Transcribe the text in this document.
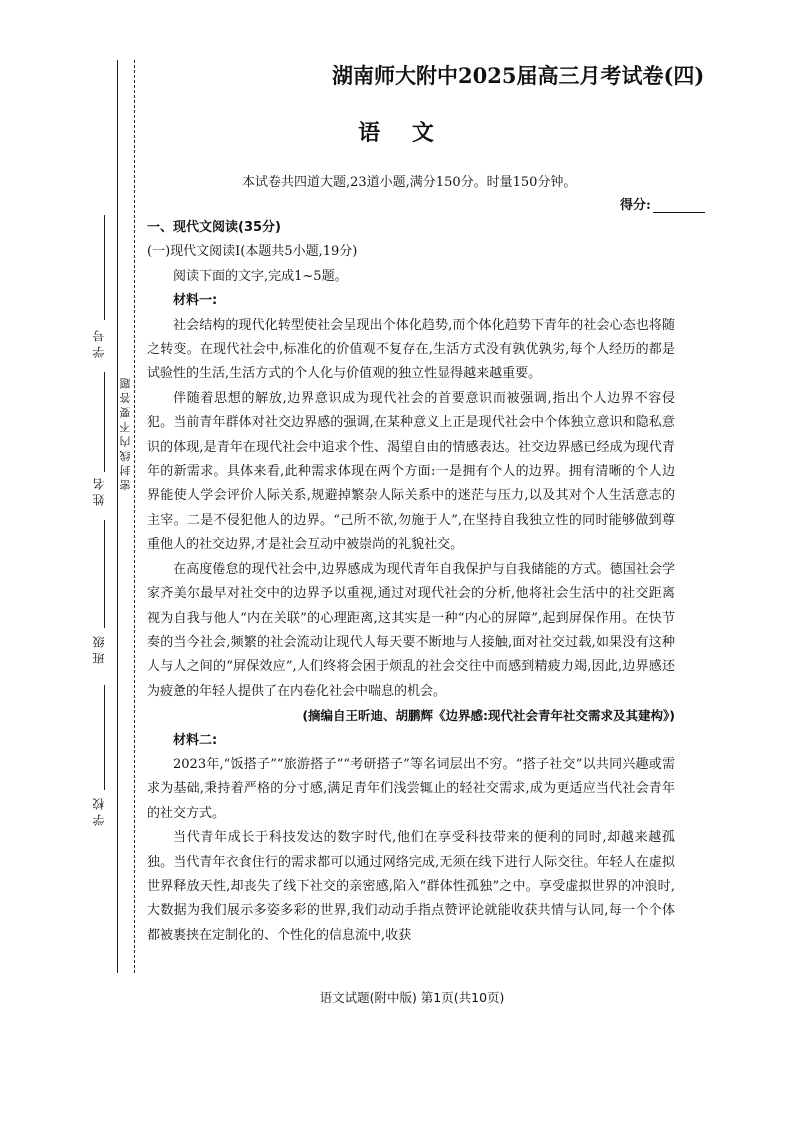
学 号
姓 名
班 级
学 校
密 封 线 内 不 要 答 题
湖南师大附中2025届高三月考试卷(四)
语 文
本试卷共四道大题,23道小题,满分150分。时量150分钟。
得分:

一、现代文阅读(35分)

(一)现代文阅读Ⅰ(本题共5小题,19分)

阅读下面的文字,完成1~5题。

材料一:

社会结构的现代化转型使社会呈现出个体化趋势,而个体化趋势下青年的社会心态也将随之转变。在现代社会中,标准化的价值观不复存在,生活方式没有孰优孰劣,每个人经历的都是试验性的生活,生活方式的个人化与价值观的独立性显得越来越重要。

伴随着思想的解放,边界意识成为现代社会的首要意识而被强调,指出个人边界不容侵犯。当前青年群体对社交边界感的强调,在某种意义上正是现代社会中个体独立意识和隐私意识的体现,是青年在现代社会中追求个性、渴望自由的情感表达。社交边界感已经成为现代青年的新需求。具体来看,此种需求体现在两个方面:一是拥有个人的边界。拥有清晰的个人边界能使人学会评价人际关系,规避掉繁杂人际关系中的迷茫与压力,以及其对个人生活意志的主宰。二是不侵犯他人的边界。“己所不欲,勿施于人”,在坚持自我独立性的同时能够做到尊重他人的社交边界,才是社会互动中被崇尚的礼貌社交。

在高度倦怠的现代社会中,边界感成为现代青年自我保护与自我储能的方式。德国社会学家齐美尔最早对社交中的边界予以重视,通过对现代社会的分析,他将社会生活中的社交距离视为自我与他人“内在关联”的心理距离,这其实是一种“内心的屏障”,起到屏保作用。在快节奏的当今社会,频繁的社会流动让现代人每天要不断地与人接触,面对社交过载,如果没有这种人与人之间的“屏保效应”,人们终将会困于烦乱的社会交往中而感到精疲力竭,因此,边界感还为疲惫的年轻人提供了在内卷化社会中喘息的机会。

(摘编自王昕迪、胡鹏辉《边界感:现代社会青年社交需求及其建构》)

材料二:

2023年,“饭搭子”“旅游搭子”“考研搭子”等名词层出不穷。“搭子社交”以共同兴趣或需求为基础,秉持着严格的分寸感,满足青年们浅尝辄止的轻社交需求,成为更适应当代社会青年的社交方式。

当代青年成长于科技发达的数字时代,他们在享受科技带来的便利的同时,却越来越孤独。当代青年衣食住行的需求都可以通过网络完成,无须在线下进行人际交往。年轻人在虚拟世界释放天性,却丧失了线下社交的亲密感,陷入“群体性孤独”之中。享受虚拟世界的冲浪时,大数据为我们展示多姿多彩的世界,我们动动手指点赞评论就能收获共情与认同,每一个个体都被裹挟在定制化的、个性化的信息流中,收获

语文试题(附中版) 第1页(共10页)
